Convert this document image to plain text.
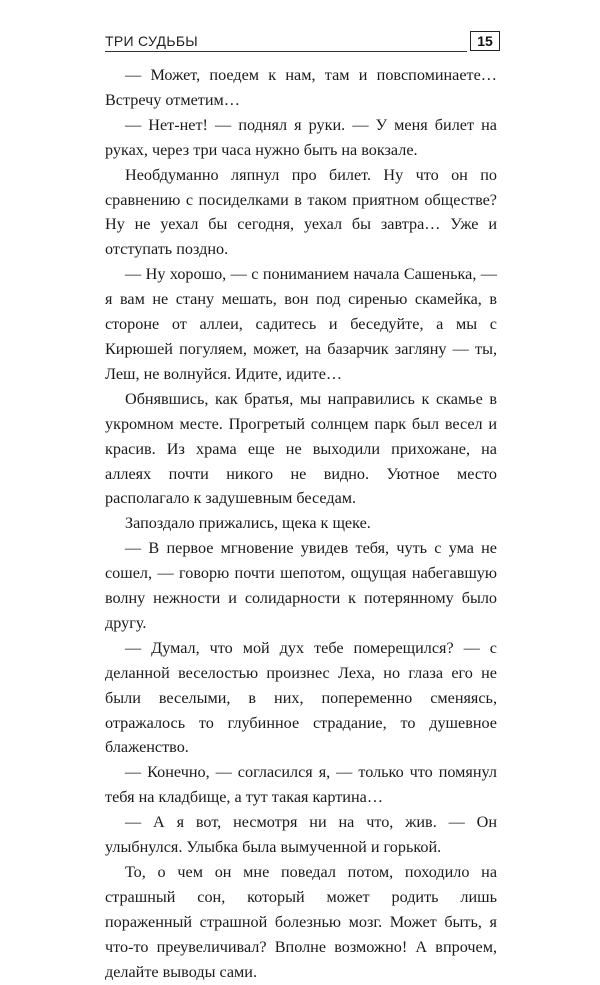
ТРИ СУДЬБЫ	15

— Может, поедем к нам, там и повспоминаете… Встречу отметим…

— Нет-нет! — поднял я руки. — У меня билет на руках, через три часа нужно быть на вокзале.

Необдуманно ляпнул про билет. Ну что он по сравнению с посиделками в таком приятном обществе? Ну не уехал бы сегодня, уехал бы завтра… Уже и отступать поздно.

— Ну хорошо, — с пониманием начала Сашенька, — я вам не стану мешать, вон под сиренью скамейка, в стороне от аллеи, садитесь и беседуйте, а мы с Кирюшей погуляем, может, на базарчик загляну — ты, Леш, не волнуйся. Идите, идите…

Обнявшись, как братья, мы направились к скамье в укромном месте. Прогретый солнцем парк был весел и красив. Из храма еще не выходили прихожане, на аллеях почти никого не видно. Уютное место располагало к задушевным беседам.

Запоздало прижались, щека к щеке.

— В первое мгновение увидев тебя, чуть с ума не сошел, — говорю почти шепотом, ощущая набегавшую волну нежности и солидарности к потерянному было другу.

— Думал, что мой дух тебе померещился? — с деланной веселостью произнес Леха, но глаза его не были веселыми, в них, попеременно сменяясь, отражалось то глубинное страдание, то душевное блаженство.

— Конечно, — согласился я, — только что помянул тебя на кладбище, а тут такая картина…

— А я вот, несмотря ни на что, жив. — Он улыбнулся. Улыбка была вымученной и горькой.

То, о чем он мне поведал потом, походило на страшный сон, который может родить лишь пораженный страшной болезнью мозг. Может быть, я что-то преувеличивал? Вполне возможно! А впрочем, делайте выводы сами.
